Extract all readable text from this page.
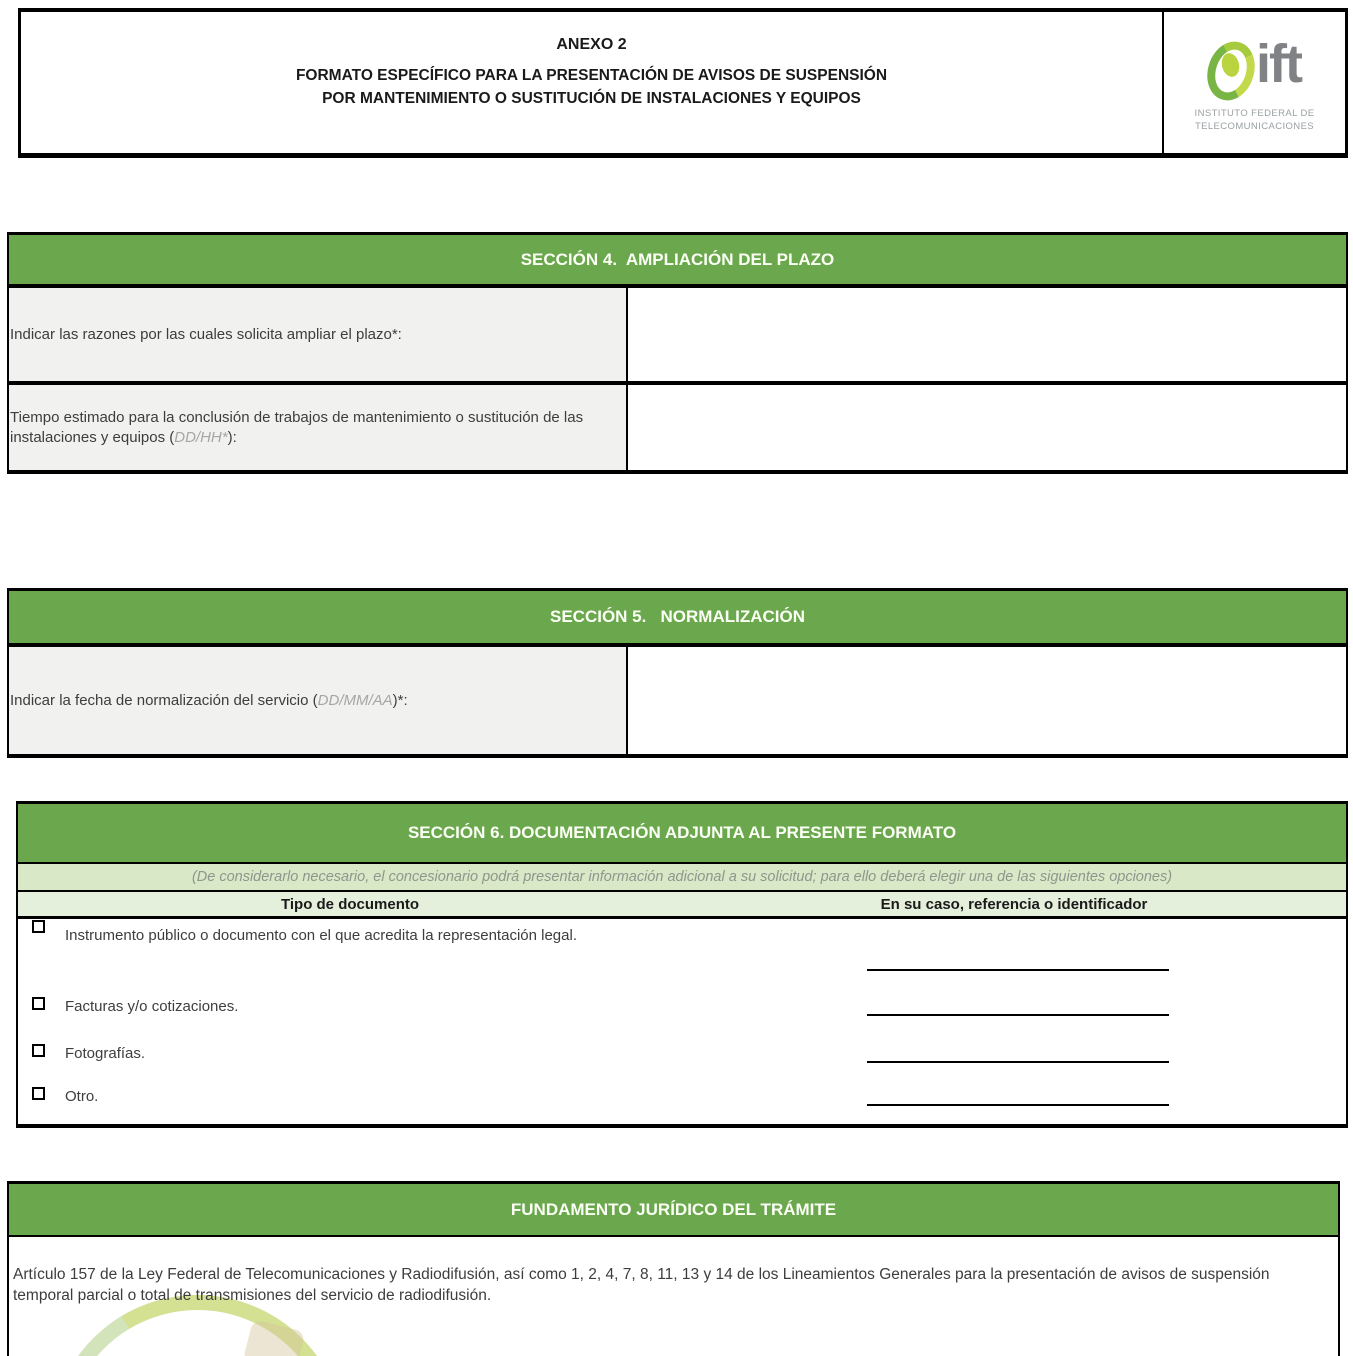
ANEXO 2
FORMATO ESPECÍFICO PARA LA PRESENTACIÓN DE AVISOS DE SUSPENSIÓN
POR MANTENIMIENTO O SUSTITUCIÓN DE INSTALACIONES Y EQUIPOS
ift
INSTITUTO FEDERAL DE
TELECOMUNICACIONES
SECCIÓN 4.  AMPLIACIÓN DEL PLAZO
Indicar las razones por las cuales solicita ampliar el plazo*:
Tiempo estimado para la conclusión de trabajos de mantenimiento o sustitución de las instalaciones y equipos (DD/HH*):
SECCIÓN 5.   NORMALIZACIÓN
Indicar la fecha de normalización del servicio (DD/MM/AA)*:
SECCIÓN 6. DOCUMENTACIÓN ADJUNTA AL PRESENTE FORMATO
(De considerarlo necesario, el concesionario podrá presentar información adicional a su solicitud; para ello deberá elegir una de las siguientes opciones)
Tipo de documento	En su caso, referencia o identificador
Instrumento público o documento con el que acredita la representación legal.
Facturas y/o cotizaciones.
Fotografías.
Otro.
FUNDAMENTO JURÍDICO DEL TRÁMITE
Artículo 157 de la Ley Federal de Telecomunicaciones y Radiodifusión, así como 1, 2, 4, 7, 8, 11, 13 y 14 de los Lineamientos Generales para la presentación de avisos de suspensión temporal parcial o total de transmisiones del servicio de radiodifusión.
